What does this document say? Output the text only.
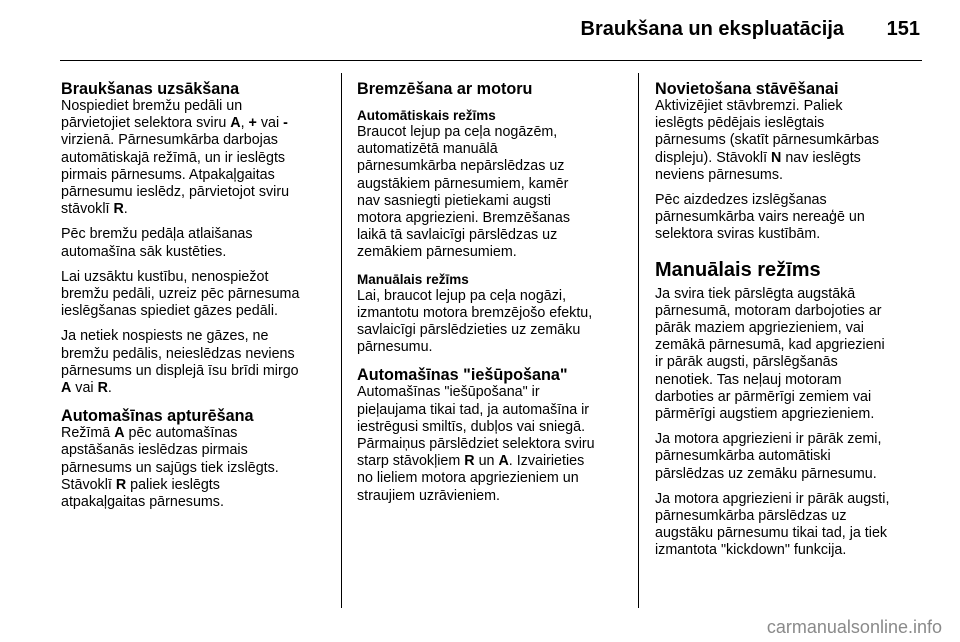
Braukšana un ekspluatācija 151
Braukšanas uzsākšana

Nospiediet bremžu pedāli un
pārvietojiet selektora sviru A, + vai -
virzienā. Pārnesumkārba darbojas
automātiskajā režīmā, un ir ieslēgts
pirmais pārnesums. Atpakaļgaitas
pārnesumu ieslēdz, pārvietojot sviru
stāvoklī R.

Pēc bremžu pedāļa atlaišanas
automašīna sāk kustēties.

Lai uzsāktu kustību, nenospiežot
bremžu pedāli, uzreiz pēc pārnesuma
ieslēgšanas spiediet gāzes pedāli.

Ja netiek nospiests ne gāzes, ne
bremžu pedālis, neieslēdzas neviens
pārnesums un displejā īsu brīdi mirgo
A vai R.

Automašīnas apturēšana

Režīmā A pēc automašīnas
apstāšanās ieslēdzas pirmais
pārnesums un sajūgs tiek izslēgts.
Stāvoklī R paliek ieslēgts
atpakaļgaitas pārnesums.

Bremzēšana ar motoru
Automātiskais režīms

Braucot lejup pa ceļa nogāzēm,
automatizētā manuālā
pārnesumkārba nepārslēdzas uz
augstākiem pārnesumiem, kamēr
nav sasniegti pietiekami augsti
motora apgriezieni. Bremzēšanas
laikā tā savlaicīgi pārslēdzas uz
zemākiem pārnesumiem.

Manuālais režīms

Lai, braucot lejup pa ceļa nogāzi,
izmantotu motora bremzējošo efektu,
savlaicīgi pārslēdzieties uz zemāku
pārnesumu.

Automašīnas "iešūpošana"

Automašīnas "iešūpošana" ir
pieļaujama tikai tad, ja automašīna ir
iestrēgusi smiltīs, dubļos vai sniegā.
Pārmaiņus pārslēdziet selektora sviru
starp stāvokļiem R un A. Izvairieties
no lieliem motora apgriezieniem un
straujiem uzrāvieniem.

Novietošana stāvēšanai

Aktivizējiet stāvbremzi. Paliek
ieslēgts pēdējais ieslēgtais
pārnesums (skatīt pārnesumkārbas
displeju). Stāvoklī N nav ieslēgts
neviens pārnesums.

Pēc aizdedzes izslēgšanas
pārnesumkārba vairs nereaģē un
selektora sviras kustībām.

Manuālais režīms

Ja svira tiek pārslēgta augstākā
pārnesumā, motoram darbojoties ar
pārāk maziem apgriezieniem, vai
zemākā pārnesumā, kad apgriezieni
ir pārāk augsti, pārslēgšanās
nenotiek. Tas neļauj motoram
darboties ar pārmērīgi zemiem vai
pārmērīgi augstiem apgriezieniem.

Ja motora apgriezieni ir pārāk zemi,
pārnesumkārba automātiski
pārslēdzas uz zemāku pārnesumu.

Ja motora apgriezieni ir pārāk augsti,
pārnesumkārba pārslēdzas uz
augstāku pārnesumu tikai tad, ja tiek
izmantota "kickdown" funkcija.

carmanualsonline.info
